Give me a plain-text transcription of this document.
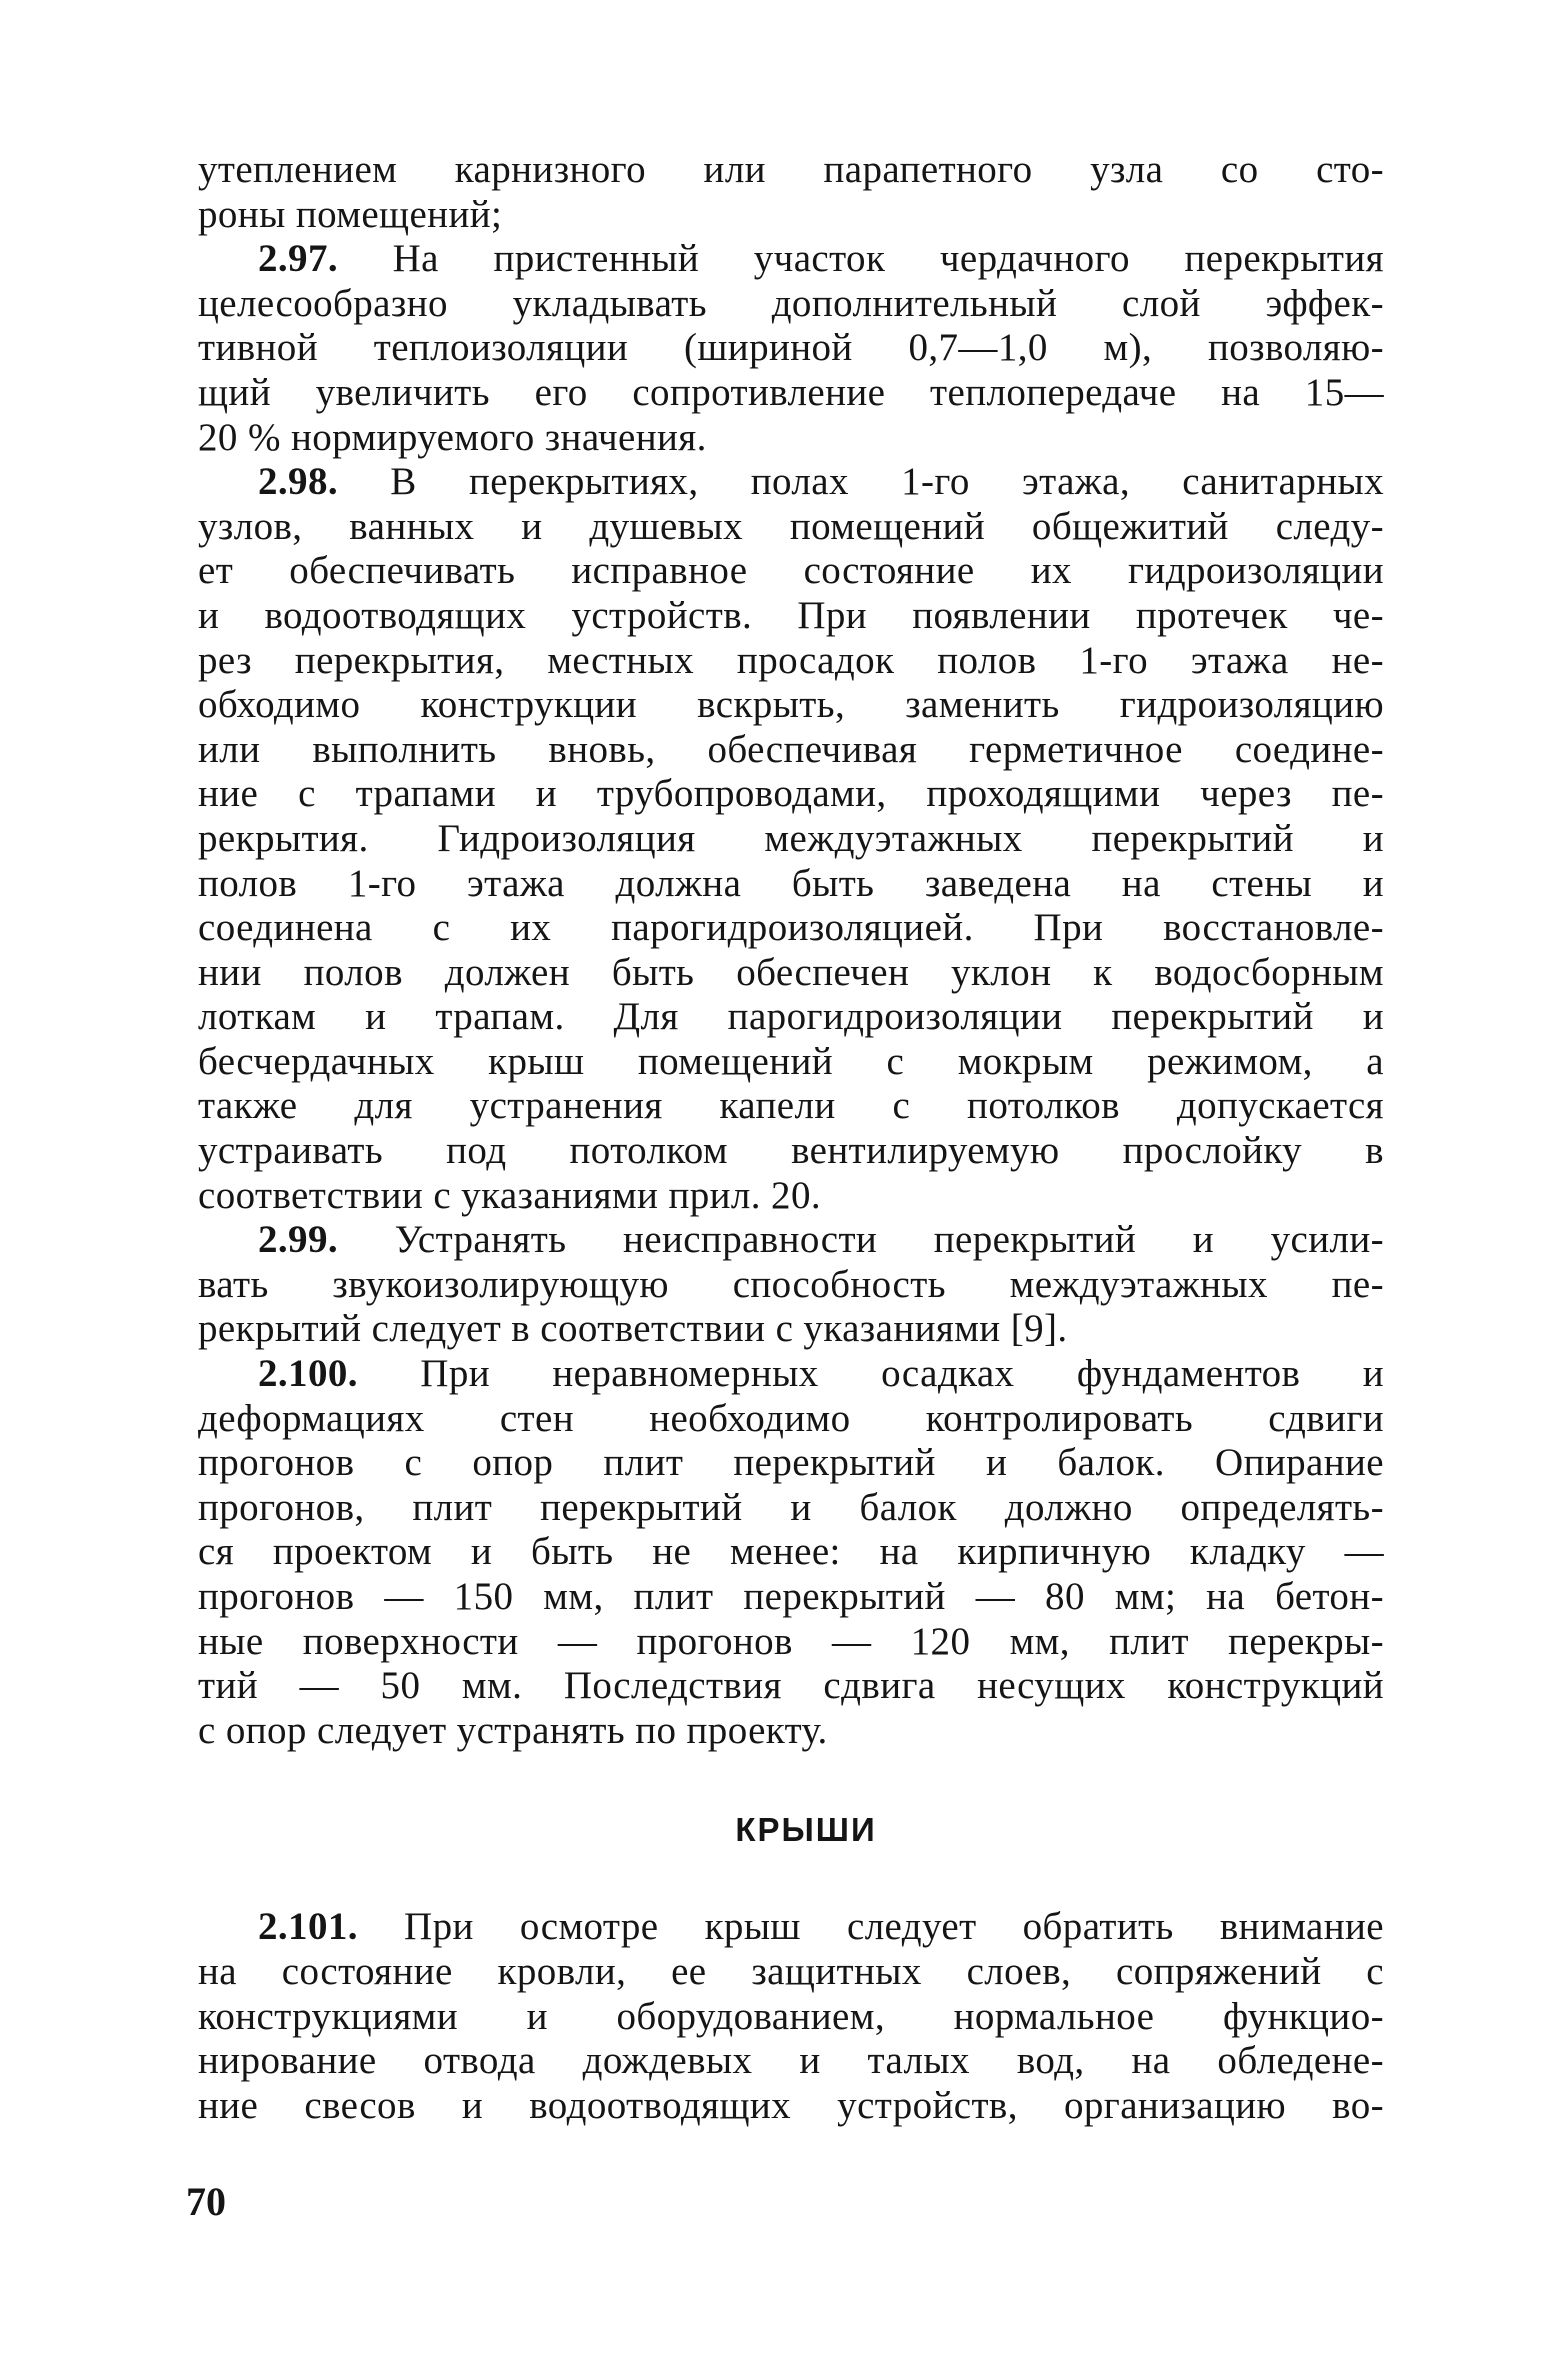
утеплением карнизного или парапетного узла со сто-
роны помещений;
2.97. На пристенный участок чердачного перекрытия
целесообразно укладывать дополнительный слой эффек-
тивной теплоизоляции (шириной 0,7—1,0 м), позволяю-
щий увеличить его сопротивление теплопередаче на 15—
20 % нормируемого значения.
2.98. В перекрытиях, полах 1-го этажа, санитарных
узлов, ванных и душевых помещений общежитий следу-
ет обеспечивать исправное состояние их гидроизоляции
и водоотводящих устройств. При появлении протечек че-
рез перекрытия, местных просадок полов 1-го этажа не-
обходимо конструкции вскрыть, заменить гидроизоляцию
или выполнить вновь, обеспечивая герметичное соедине-
ние с трапами и трубопроводами, проходящими через пе-
рекрытия. Гидроизоляция междуэтажных перекрытий и
полов 1-го этажа должна быть заведена на стены и
соединена с их парогидроизоляцией. При восстановле-
нии полов должен быть обеспечен уклон к водосборным
лоткам и трапам. Для парогидроизоляции перекрытий и
бесчердачных крыш помещений с мокрым режимом, а
также для устранения капели с потолков допускается
устраивать под потолком вентилируемую прослойку в
соответствии с указаниями прил. 20.
2.99. Устранять неисправности перекрытий и усили-
вать звукоизолирующую способность междуэтажных пе-
рекрытий следует в соответствии с указаниями [9].
2.100. При неравномерных осадках фундаментов и
деформациях стен необходимо контролировать сдвиги
прогонов с опор плит перекрытий и балок. Опирание
прогонов, плит перекрытий и балок должно определять-
ся проектом и быть не менее: на кирпичную кладку —
прогонов — 150 мм, плит перекрытий — 80 мм; на бетон-
ные поверхности — прогонов — 120 мм, плит перекры-
тий — 50 мм. Последствия сдвига несущих конструкций
с опор следует устранять по проекту.
КРЫШИ
2.101. При осмотре крыш следует обратить внимание
на состояние кровли, ее защитных слоев, сопряжений с
конструкциями и оборудованием, нормальное функцио-
нирование отвода дождевых и талых вод, на обледене-
ние свесов и водоотводящих устройств, организацию во-
70
